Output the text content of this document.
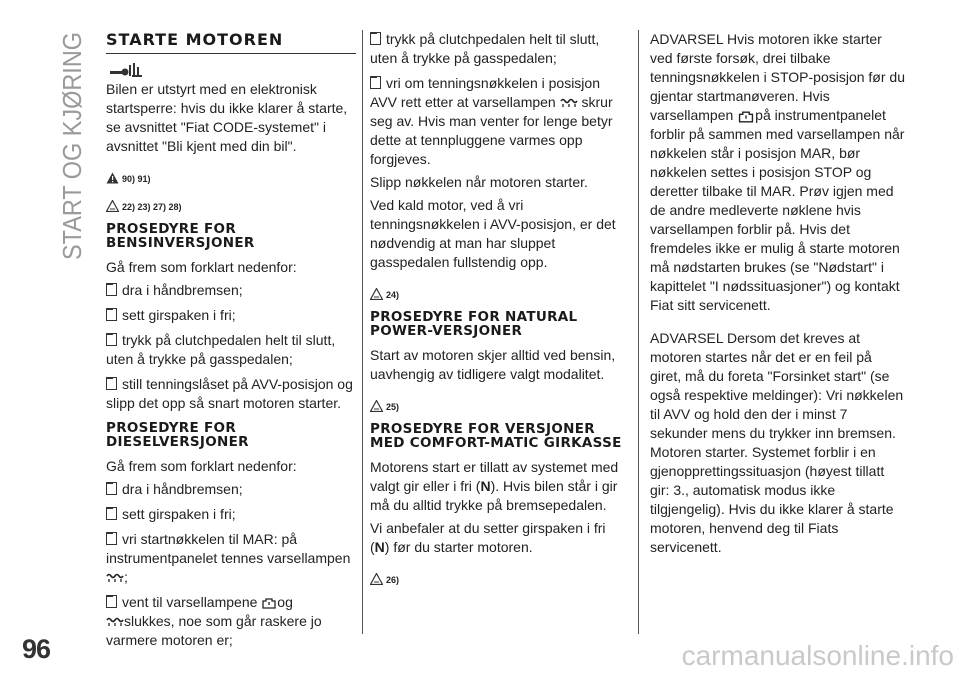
START OG KJØRING STARTE MOTOREN

Bilen er utstyrt med en elektronisk startsperre: hvis du ikke klarer å starte, se avsnittet "Fiat CODE-systemet" i avsnittet "Bli kjent med din bil".

90) 91)
22) 23) 27) 28)
PROSEDYRE FOR BENSINVERSJONER

Gå frem som forklart nedenfor:

dra i håndbremsen;
sett girspaken i fri;
trykk på clutchpedalen helt til slutt, uten å trykke på gasspedalen;
still tenningslåset på AVV-posisjon og slipp det opp så snart motoren starter.
PROSEDYRE FOR DIESELVERSJONER

Gå frem som forklart nedenfor:

dra i håndbremsen;
sett girspaken i fri;
vri startnøkkelen til MAR: på instrumentpanelet tennes varsellampen
;
vent til varsellampene og
slukkes, noe som går raskere jo varmere motoren er;
trykk på clutchpedalen helt til slutt, uten å trykke på gasspedalen;
vri om tenningsnøkkelen i posisjon AVV rett etter at varsellampen skrur seg av. Hvis man venter for lenge betyr dette at tennpluggene varmes opp forgjeves.

Slipp nøkkelen når motoren starter.

Ved kald motor, ved å vri tenningsnøkkelen i AVV-posisjon, er det nødvendig at man har sluppet gasspedalen fullstendig opp.

24)
PROSEDYRE FOR NATURAL POWER-VERSJONER

Start av motoren skjer alltid ved bensin, uavhengig av tidligere valgt modalitet.

25)
PROSEDYRE FOR VERSJONER MED COMFORT-MATIC GIRKASSE

Motorens start er tillatt av systemet med valgt gir eller i fri (N). Hvis bilen står i gir må du alltid trykke på bremsepedalen.

Vi anbefaler at du setter girspaken i fri (N) før du starter motoren.

26)

ADVARSEL Hvis motoren ikke starter ved første forsøk, drei tilbake tenningsnøkkelen i STOP-posisjon før du gjentar startmanøveren. Hvis varsellampen på instrumentpanelet forblir på sammen med varsellampen når nøkkelen står i posisjon MAR, bør nøkkelen settes i posisjon STOP og deretter tilbake til MAR. Prøv igjen med de andre medleverte nøklene hvis varsellampen forblir på. Hvis det fremdeles ikke er mulig å starte motoren må nødstarten brukes (se "Nødstart" i kapittelet "I nødssituasjoner") og kontakt Fiat sitt servicenett.

ADVARSEL Dersom det kreves at motoren startes når det er en feil på giret, må du foreta "Forsinket start" (se også respektive meldinger): Vri nøkkelen til AVV og hold den der i minst 7 sekunder mens du trykker inn bremsen. Motoren starter. Systemet forblir i en gjenopprettingssituasjon (høyest tillatt gir: 3., automatisk modus ikke tilgjengelig). Hvis du ikke klarer å starte motoren, henvend deg til Fiats servicenett.

96	carmanualsonline.info
